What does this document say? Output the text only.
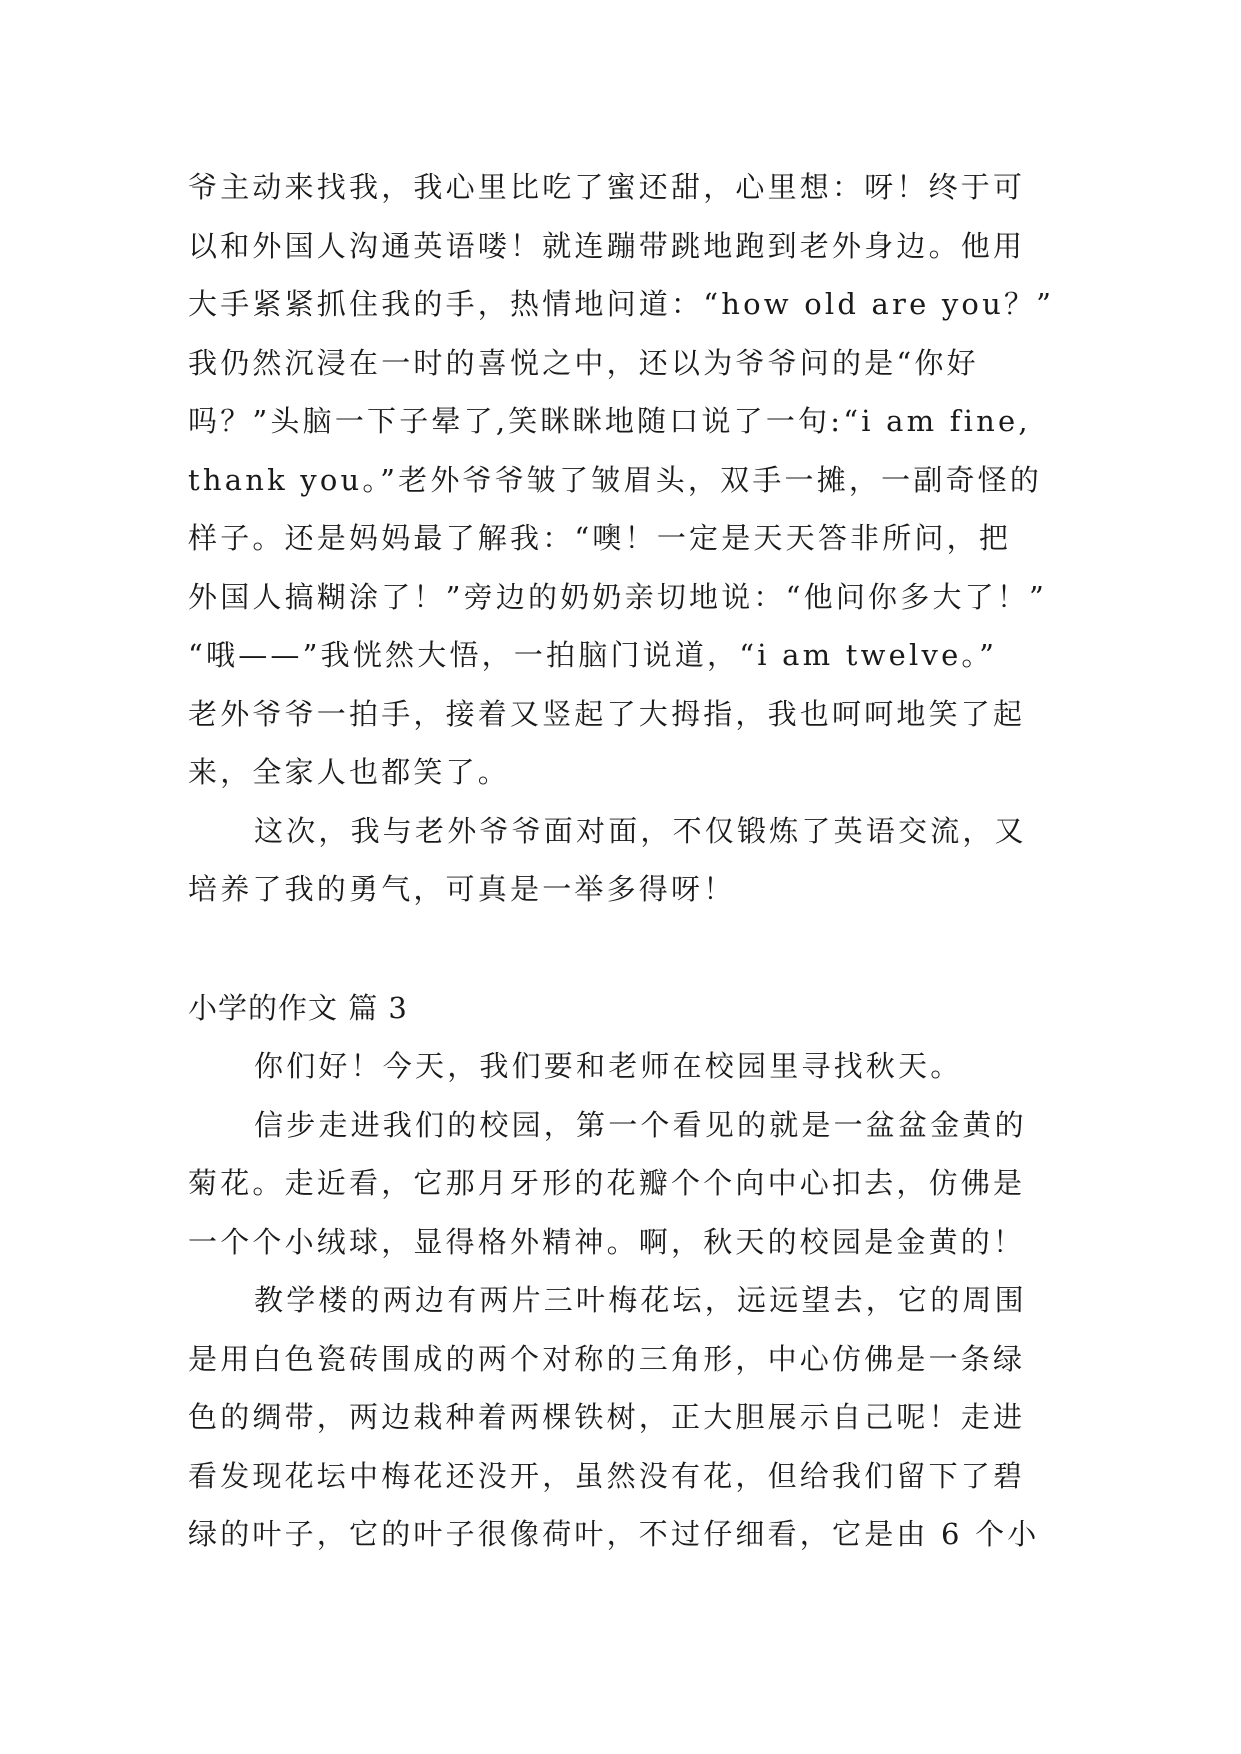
爷主动来找我，我心里比吃了蜜还甜，心里想：呀！终于可
以和外国人沟通英语喽！就连蹦带跳地跑到老外身边。他用
大手紧紧抓住我的手，热情地问道：“how old are you？”
我仍然沉浸在一时的喜悦之中，还以为爷爷问的是“你好
吗？”头脑一下子晕了,笑眯眯地随口说了一句:“i am fine,
thank you。”老外爷爷皱了皱眉头，双手一摊，一副奇怪的
样子。还是妈妈最了解我：“噢！一定是天天答非所问，把
外国人搞糊涂了！”旁边的奶奶亲切地说：“他问你多大了！”
“哦——”我恍然大悟，一拍脑门说道，“i am twelve。”
老外爷爷一拍手，接着又竖起了大拇指，我也呵呵地笑了起
来，全家人也都笑了。
这次，我与老外爷爷面对面，不仅锻炼了英语交流，又
培养了我的勇气，可真是一举多得呀！
小学的作文 篇 3
你们好！今天，我们要和老师在校园里寻找秋天。
信步走进我们的校园，第一个看见的就是一盆盆金黄的
菊花。走近看，它那月牙形的花瓣个个向中心扣去，仿佛是
一个个小绒球，显得格外精神。啊，秋天的校园是金黄的！
教学楼的两边有两片三叶梅花坛，远远望去，它的周围
是用白色瓷砖围成的两个对称的三角形，中心仿佛是一条绿
色的绸带，两边栽种着两棵铁树，正大胆展示自己呢！走进
看发现花坛中梅花还没开，虽然没有花，但给我们留下了碧
绿的叶子，它的叶子很像荷叶，不过仔细看，它是由 6 个小
